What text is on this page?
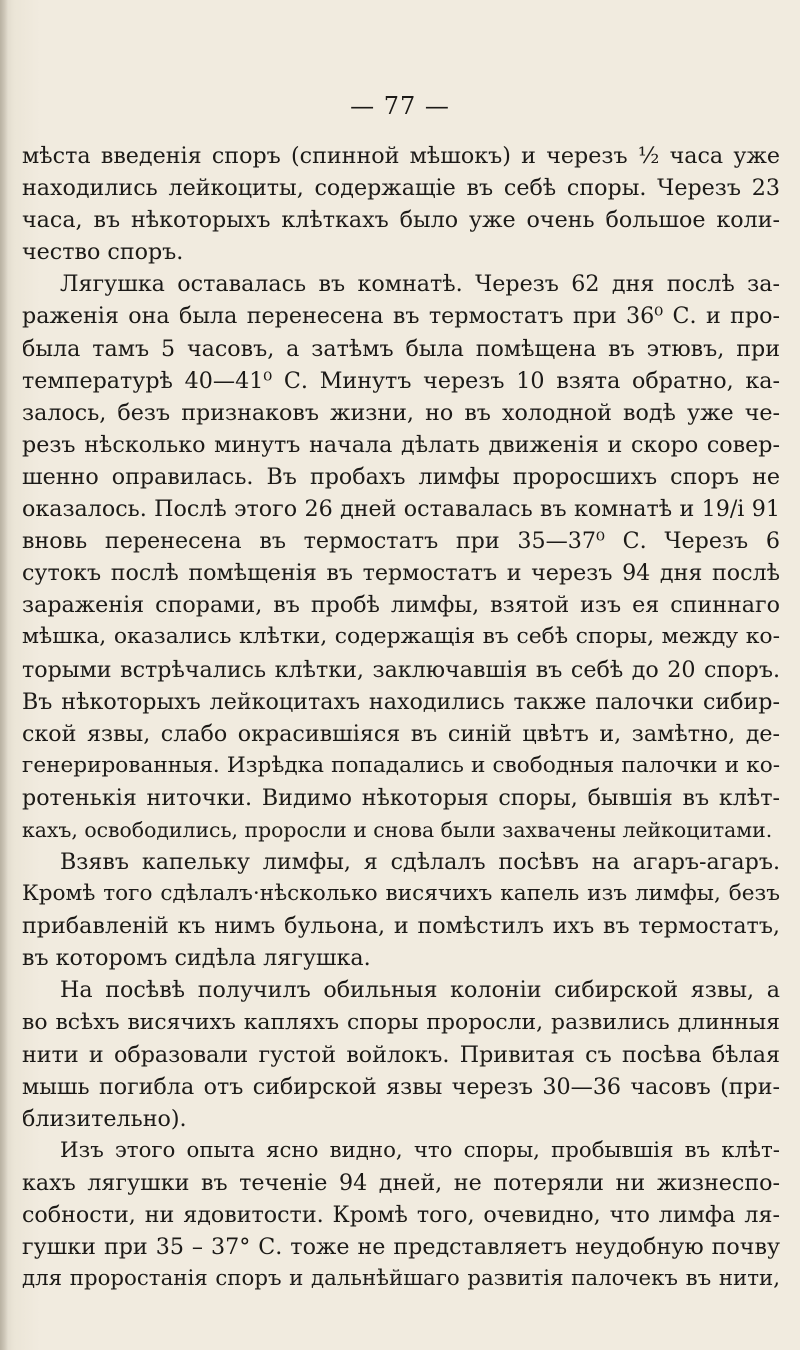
— 77 —
мѣста введенія споръ (спинной мѣшокъ) и черезъ ½ часа уже
находились лейкоциты, содержащіе въ себѣ споры. Черезъ 23
часа, въ нѣкоторыхъ клѣткахъ было уже очень большое коли-
чество споръ.
Лягушка оставалась въ комнатѣ. Черезъ 62 дня послѣ за-
раженія она была перенесена въ термостатъ при 36⁰ С. и про-
была тамъ 5 часовъ, а затѣмъ была помѣщена въ этювъ, при
температурѣ 40—41⁰ С. Минутъ черезъ 10 взята обратно, ка-
залось, безъ признаковъ жизни, но въ холодной водѣ уже че-
резъ нѣсколько минутъ начала дѣлать движенія и скоро совер-
шенно оправилась. Въ пробахъ лимфы проросшихъ споръ не
оказалось. Послѣ этого 26 дней оставалась въ комнатѣ и 19/i 91
вновь перенесена въ термостатъ при 35—37⁰ С. Черезъ 6
сутокъ послѣ помѣщенія въ термостатъ и черезъ 94 дня послѣ
зараженія спорами, въ пробѣ лимфы, взятой изъ ея спиннаго
мѣшка, оказались клѣтки, содержащія въ себѣ споры, между ко-
торыми встрѣчались клѣтки, заключавшія въ себѣ до 20 споръ.
Въ нѣкоторыхъ лейкоцитахъ находились также палочки сибир-
ской язвы, слабо окрасившіяся въ синій цвѣтъ и, замѣтно, де-
генерированныя. Изрѣдка попадались и свободныя палочки и ко-
ротенькія ниточки. Видимо нѣкоторыя споры, бывшія въ клѣт-
кахъ, освободились, проросли и снова были захвачены лейкоцитами.
Взявъ капельку лимфы, я сдѣлалъ посѣвъ на агаръ-агаръ.
Кромѣ того сдѣлалъ·нѣсколько висячихъ капель изъ лимфы, безъ
прибавленій къ нимъ бульона, и помѣстилъ ихъ въ термостатъ,
въ которомъ сидѣла лягушка.
На посѣвѣ получилъ обильныя колоніи сибирской язвы, а
во всѣхъ висячихъ капляхъ споры проросли, развились длинныя
нити и образовали густой войлокъ. Привитая съ посѣва бѣлая
мышь погибла отъ сибирской язвы черезъ 30—36 часовъ (при-
близительно).
Изъ этого опыта ясно видно, что споры, пробывшія въ клѣт-
кахъ лягушки въ теченіе 94 дней, не потеряли ни жизнеспо-
собности, ни ядовитости. Кромѣ того, очевидно, что лимфа ля-
гушки при 35 – 37° С. тоже не представляетъ неудобную почву
для проростанія споръ и дальнѣйшаго развитія палочекъ въ нити,
